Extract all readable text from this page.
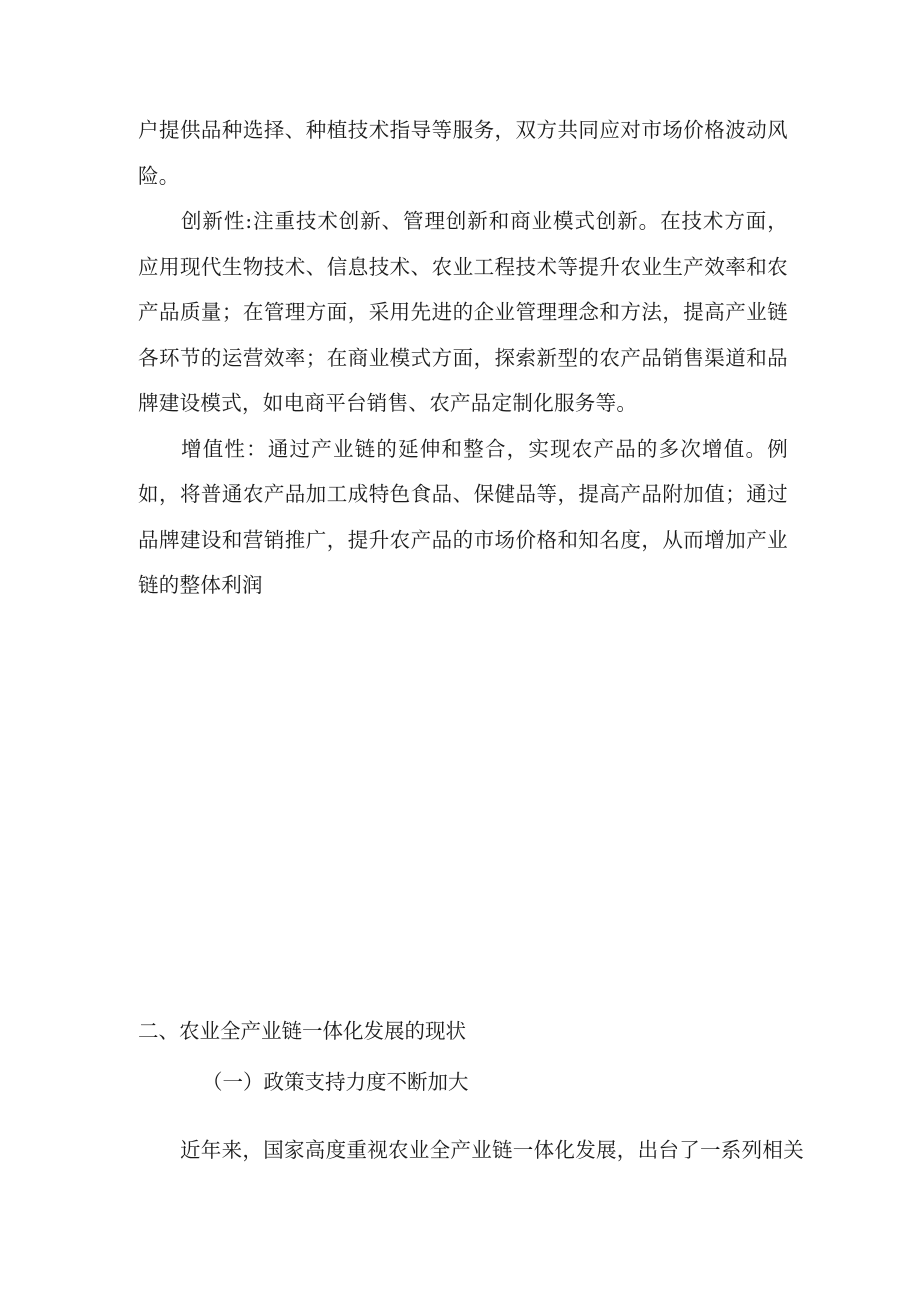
户提供品种选择、种植技术指导等服务，双方共同应对市场价格波动风险。

创新性:注重技术创新、管理创新和商业模式创新。在技术方面，应用现代生物技术、信息技术、农业工程技术等提升农业生产效率和农产品质量；在管理方面，采用先进的企业管理理念和方法，提高产业链各环节的运营效率；在商业模式方面，探索新型的农产品销售渠道和品牌建设模式，如电商平台销售、农产品定制化服务等。

增值性：通过产业链的延伸和整合，实现农产品的多次增值。例如，将普通农产品加工成特色食品、保健品等，提高产品附加值；通过品牌建设和营销推广，提升农产品的市场价格和知名度，从而增加产业链的整体利润

二、农业全产业链一体化发展的现状
（一）政策支持力度不断加大

近年来，国家高度重视农业全产业链一体化发展，出台了一系列相关
